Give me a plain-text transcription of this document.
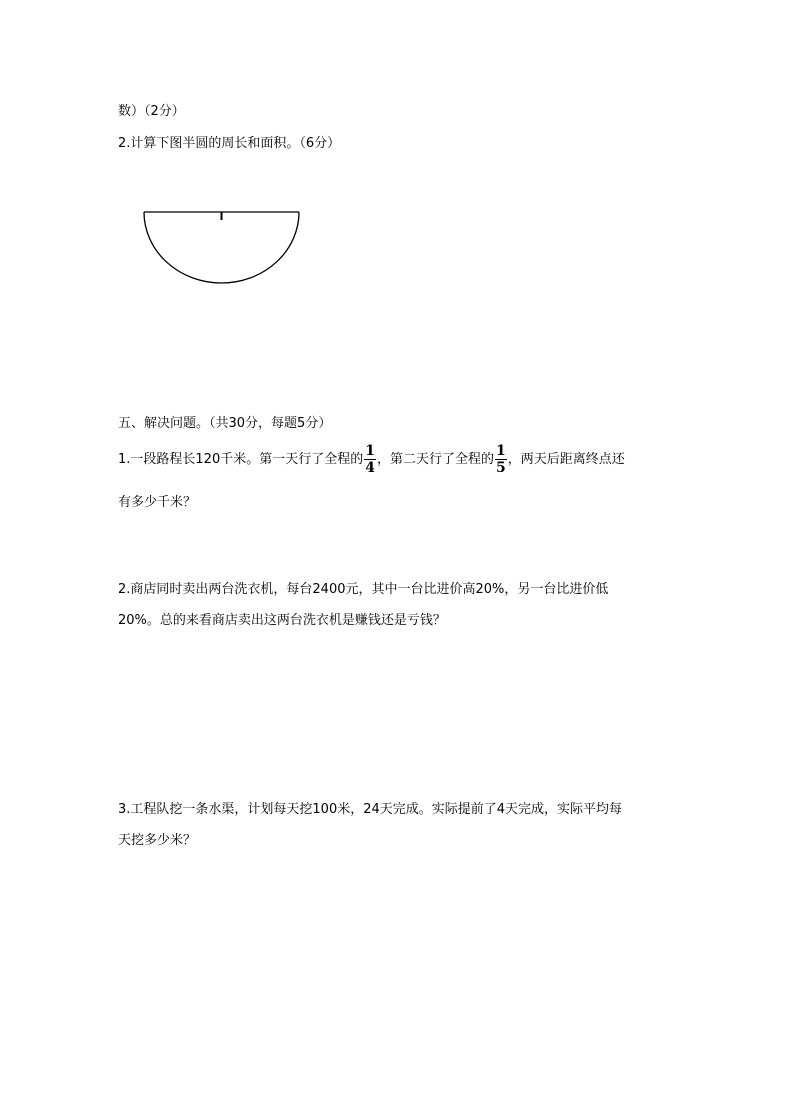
数）（2分）
2.计算下图半圆的周长和面积。（6分）
五、解决问题。（共30分，每题5分）
1.一段路程长120千米。第一天行了全程的 $\frac{1}{4}$ ，第二天行了全程的 $\frac{1}{5}$ ，两天后距离终点还
有多少千米？
2.商店同时卖出两台洗衣机，每台2400元，其中一台比进价高20%，另一台比进价低
20%。总的来看商店卖出这两台洗衣机是赚钱还是亏钱？
3.工程队挖一条水渠，计划每天挖100米，24天完成。实际提前了4天完成，实际平均每
天挖多少米？
